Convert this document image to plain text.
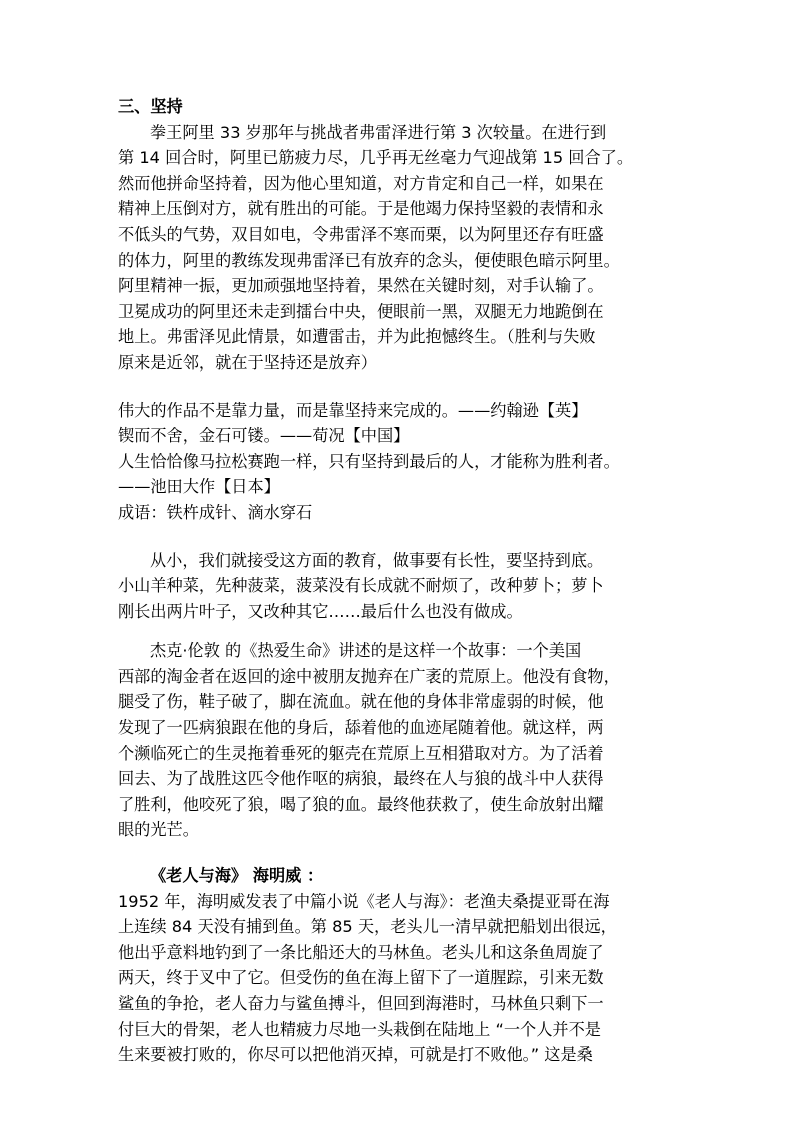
三、坚持
拳王阿里 33 岁那年与挑战者弗雷泽进行第 3 次较量。在进行到
第 14 回合时，阿里已筋疲力尽，几乎再无丝毫力气迎战第 15 回合了。
然而他拼命坚持着，因为他心里知道，对方肯定和自己一样，如果在
精神上压倒对方，就有胜出的可能。于是他竭力保持坚毅的表情和永
不低头的气势，双目如电，令弗雷泽不寒而栗，以为阿里还存有旺盛
的体力，阿里的教练发现弗雷泽已有放弃的念头，便使眼色暗示阿里。
阿里精神一振，更加顽强地坚持着，果然在关键时刻，对手认输了。
卫冕成功的阿里还未走到擂台中央，便眼前一黑，双腿无力地跪倒在
地上。弗雷泽见此情景，如遭雷击，并为此抱憾终生。（胜利与失败
原来是近邻，就在于坚持还是放弃）
伟大的作品不是靠力量，而是靠坚持来完成的。——约翰逊【英】
锲而不舍，金石可镂。——荀况【中国】
人生恰恰像马拉松赛跑一样，只有坚持到最后的人，才能称为胜利者。
——池田大作【日本】
成语：铁杵成针、滴水穿石
从小，我们就接受这方面的教育，做事要有长性，要坚持到底。
小山羊种菜，先种菠菜，菠菜没有长成就不耐烦了，改种萝卜；萝卜
刚长出两片叶子，又改种其它……最后什么也没有做成。
杰克·伦敦 的《热爱生命》讲述的是这样一个故事：一个美国
西部的淘金者在返回的途中被朋友抛弃在广袤的荒原上。他没有食物，
腿受了伤，鞋子破了，脚在流血。就在他的身体非常虚弱的时候，他
发现了一匹病狼跟在他的身后，舔着他的血迹尾随着他。就这样，两
个濒临死亡的生灵拖着垂死的躯壳在荒原上互相猎取对方。为了活着
回去、为了战胜这匹令他作呕的病狼，最终在人与狼的战斗中人获得
了胜利，他咬死了狼，喝了狼的血。最终他获救了，使生命放射出耀
眼的光芒。
《老人与海》 海明威 ：
1952 年，海明威发表了中篇小说《老人与海》：老渔夫桑提亚哥在海
上连续 84 天没有捕到鱼。第 85 天，老头儿一清早就把船划出很远，
他出乎意料地钓到了一条比船还大的马林鱼。老头儿和这条鱼周旋了
两天，终于叉中了它。但受伤的鱼在海上留下了一道腥踪，引来无数
鲨鱼的争抢，老人奋力与鲨鱼搏斗，但回到海港时，马林鱼只剩下一
付巨大的骨架，老人也精疲力尽地一头栽倒在陆地上 “一个人并不是
生来要被打败的，你尽可以把他消灭掉，可就是打不败他。” 这是桑
